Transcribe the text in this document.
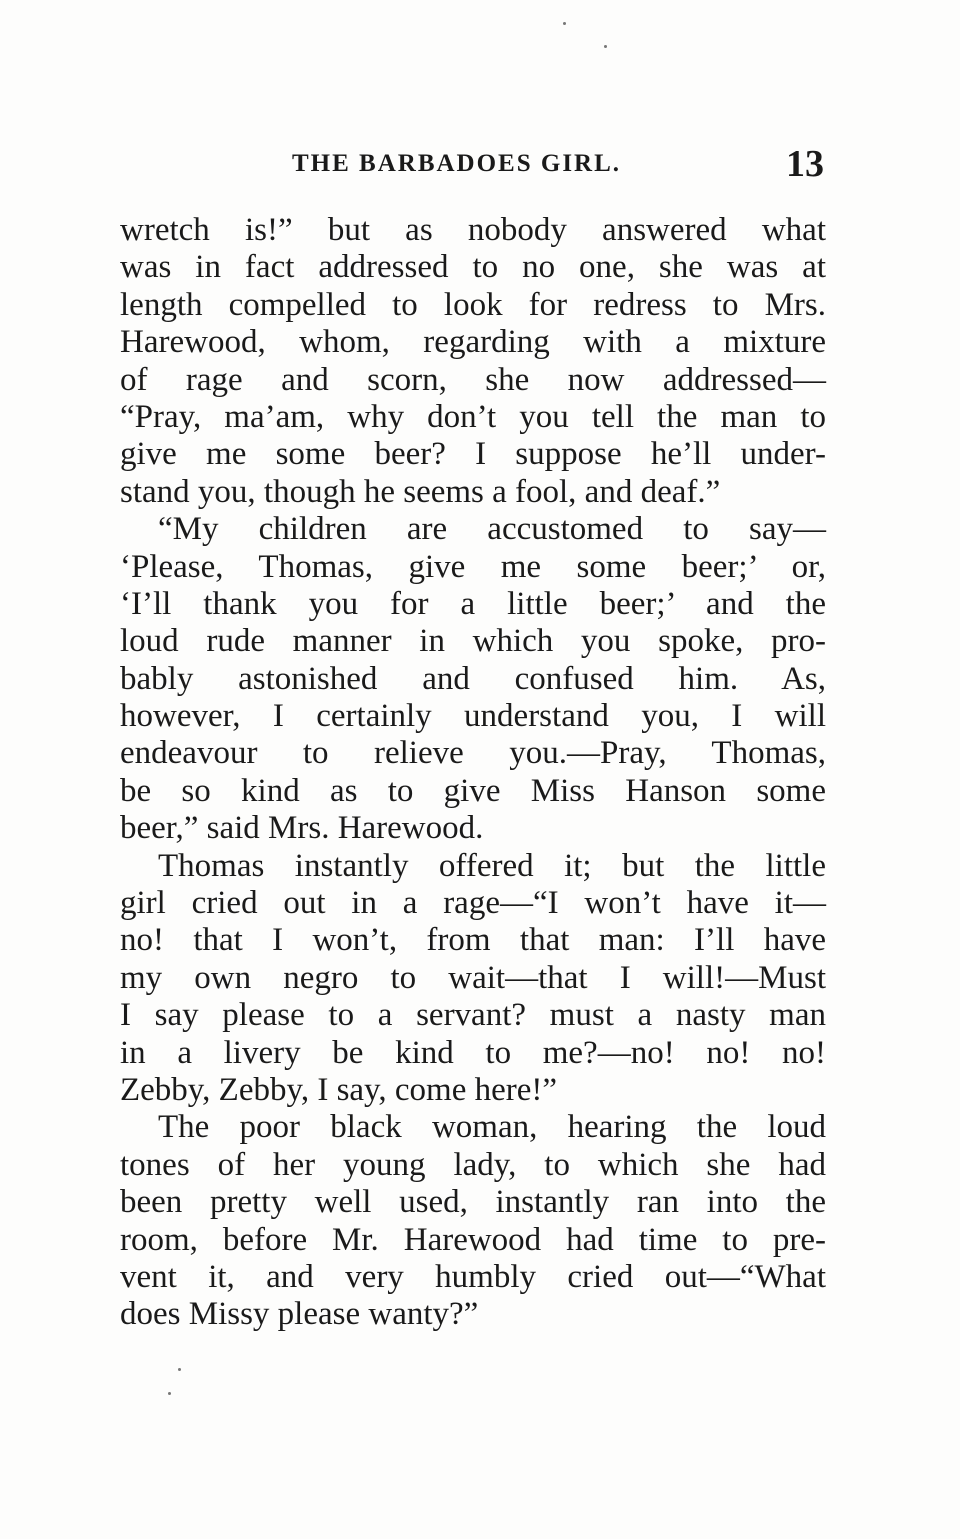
THE BARBADOES GIRL.	13
wretch is!” but as nobody answered what
was in fact addressed to no one, she was at
length compelled to look for redress to Mrs.
Harewood, whom, regarding with a mixture
of rage and scorn, she now addressed—
“Pray, ma’am, why don’t you tell the man to
give me some beer? I suppose he’ll under-
stand you, though he seems a fool, and deaf.”
“My children are accustomed to say—
‘Please, Thomas, give me some beer;’ or,
‘I’ll thank you for a little beer;’ and the
loud rude manner in which you spoke, pro-
bably astonished and confused him. As,
however, I certainly understand you, I will
endeavour to relieve you.—Pray, Thomas,
be so kind as to give Miss Hanson some
beer,” said Mrs. Harewood.
Thomas instantly offered it; but the little
girl cried out in a rage—“I won’t have it—
no! that I won’t, from that man: I’ll have
my own negro to wait—that I will!—Must
I say please to a servant? must a nasty man
in a livery be kind to me?—no! no! no!
Zebby, Zebby, I say, come here!”
The poor black woman, hearing the loud
tones of her young lady, to which she had
been pretty well used, instantly ran into the
room, before Mr. Harewood had time to pre-
vent it, and very humbly cried out—“What
does Missy please wanty?”
